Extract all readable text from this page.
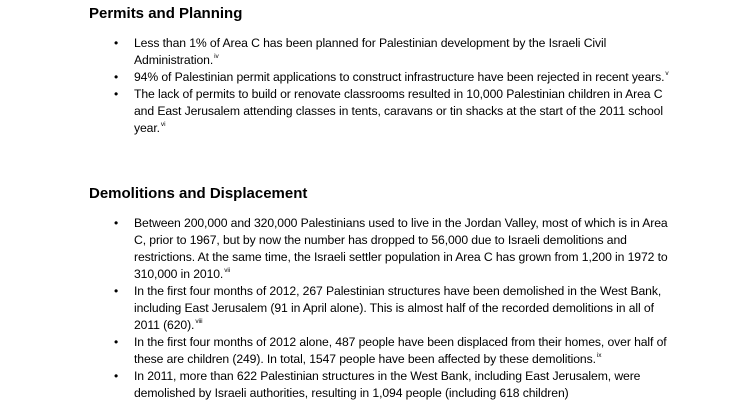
Permits and Planning
• Less than 1% of Area C has been planned for Palestinian development by the Israeli Civil Administration.$^{iv}$
• 94% of Palestinian permit applications to construct infrastructure have been rejected in recent years.$^v$
• The lack of permits to build or renovate classrooms resulted in 10,000 Palestinian children in Area C and East Jerusalem attending classes in tents, caravans or tin shacks at the start of the 2011 school year.$^{vi}$
Demolitions and Displacement
• Between 200,000 and 320,000 Palestinians used to live in the Jordan Valley, most of which is in Area C, prior to 1967, but by now the number has dropped to 56,000 due to Israeli demolitions and restrictions. At the same time, the Israeli settler population in Area C has grown from 1,200 in 1972 to 310,000 in 2010.$^{vii}$
• In the first four months of 2012, 267 Palestinian structures have been demolished in the West Bank, including East Jerusalem (91 in April alone). This is almost half of the recorded demolitions in all of 2011 (620).$^{viii}$
• In the first four months of 2012 alone, 487 people have been displaced from their homes, over half of these are children (249). In total, 1547 people have been affected by these demolitions.$^{ix}$
• In 2011, more than 622 Palestinian structures in the West Bank, including East Jerusalem, were demolished by Israeli authorities, resulting in 1,094 people (including 618 children)
